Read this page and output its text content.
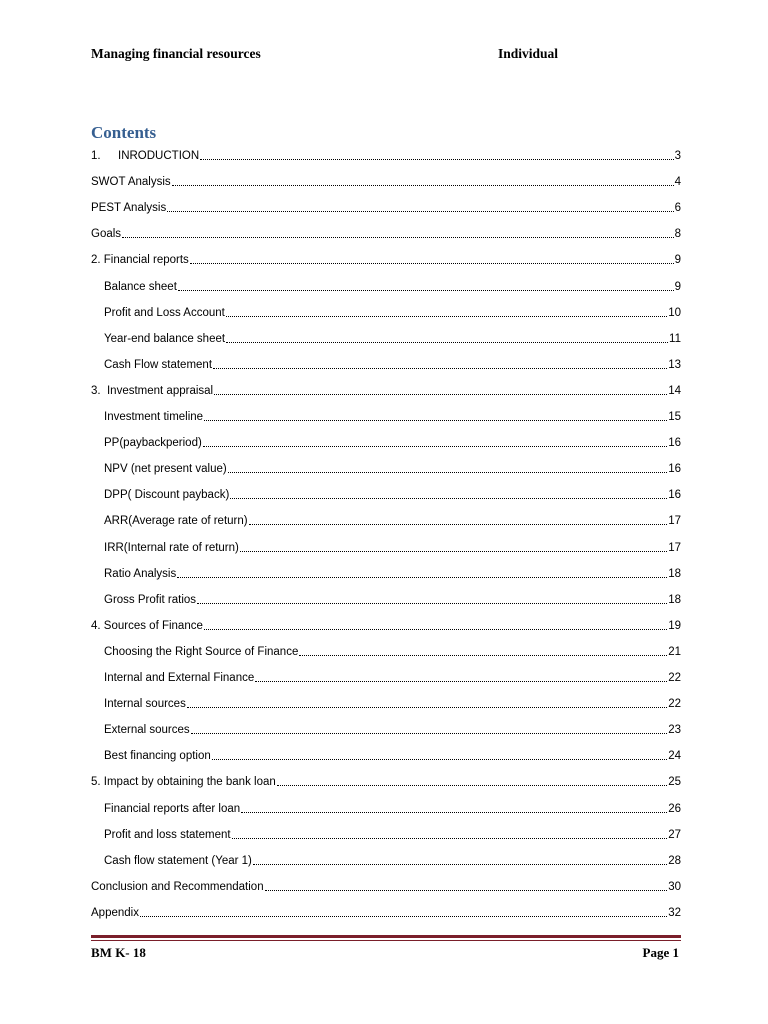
Managing financial resources	Individual
Contents
1. INRODUCTION	3
SWOT Analysis	4
PEST Analysis	6
Goals	8
2. Financial reports	9
Balance sheet	9
Profit and Loss Account	10
Year-end balance sheet	11
Cash Flow statement	13
3.  Investment appraisal	14
Investment timeline	15
PP(paybackperiod)	16
NPV (net present value)	16
DPP( Discount payback)	16
ARR(Average rate of return)	17
IRR(Internal rate of return)	17
Ratio Analysis	18
Gross Profit ratios	18
4. Sources of Finance	19
Choosing the Right Source of Finance	21
Internal and External Finance	22
Internal sources	22
External sources	23
Best financing option	24
5. Impact by obtaining the bank loan	25
Financial reports after loan	26
Profit and loss statement	27
Cash flow statement (Year 1)	28
Conclusion and Recommendation	30
Appendix	32
BM K- 18	Page 1
